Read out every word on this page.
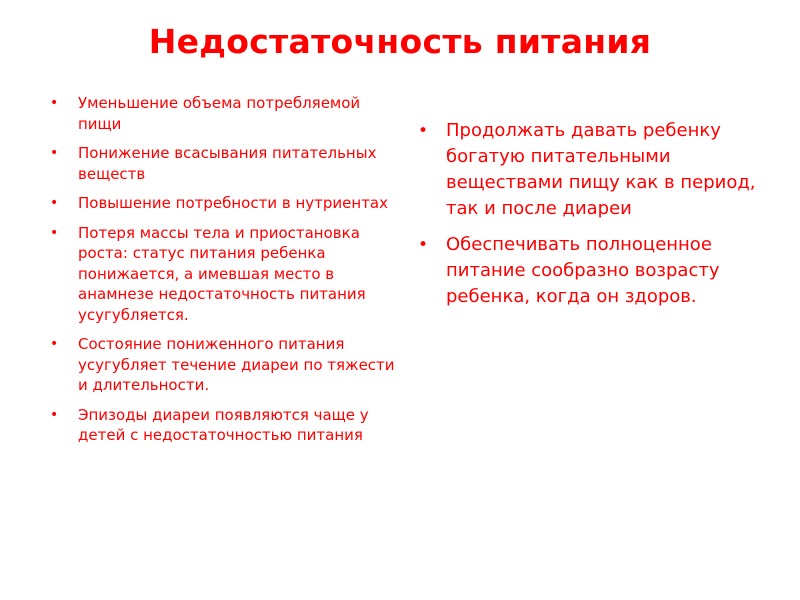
Недостаточность питания
• Уменьшение объема потребляемой пищи
• Понижение всасывания питательных веществ
• Повышение потребности в нутриентах
• Потеря массы тела и приостановка роста: статус питания ребенка понижается, а имевшая место в анамнезе недостаточность питания усугубляется.
• Состояние пониженного питания усугубляет течение диареи по тяжести и длительности.
• Эпизоды диареи появляются чаще у детей с недостаточностью питания
• Продолжать давать ребенку богатую питательными веществами пищу как в период, так и после диареи
• Обеспечивать полноценное питание сообразно возрасту ребенка, когда он здоров.
